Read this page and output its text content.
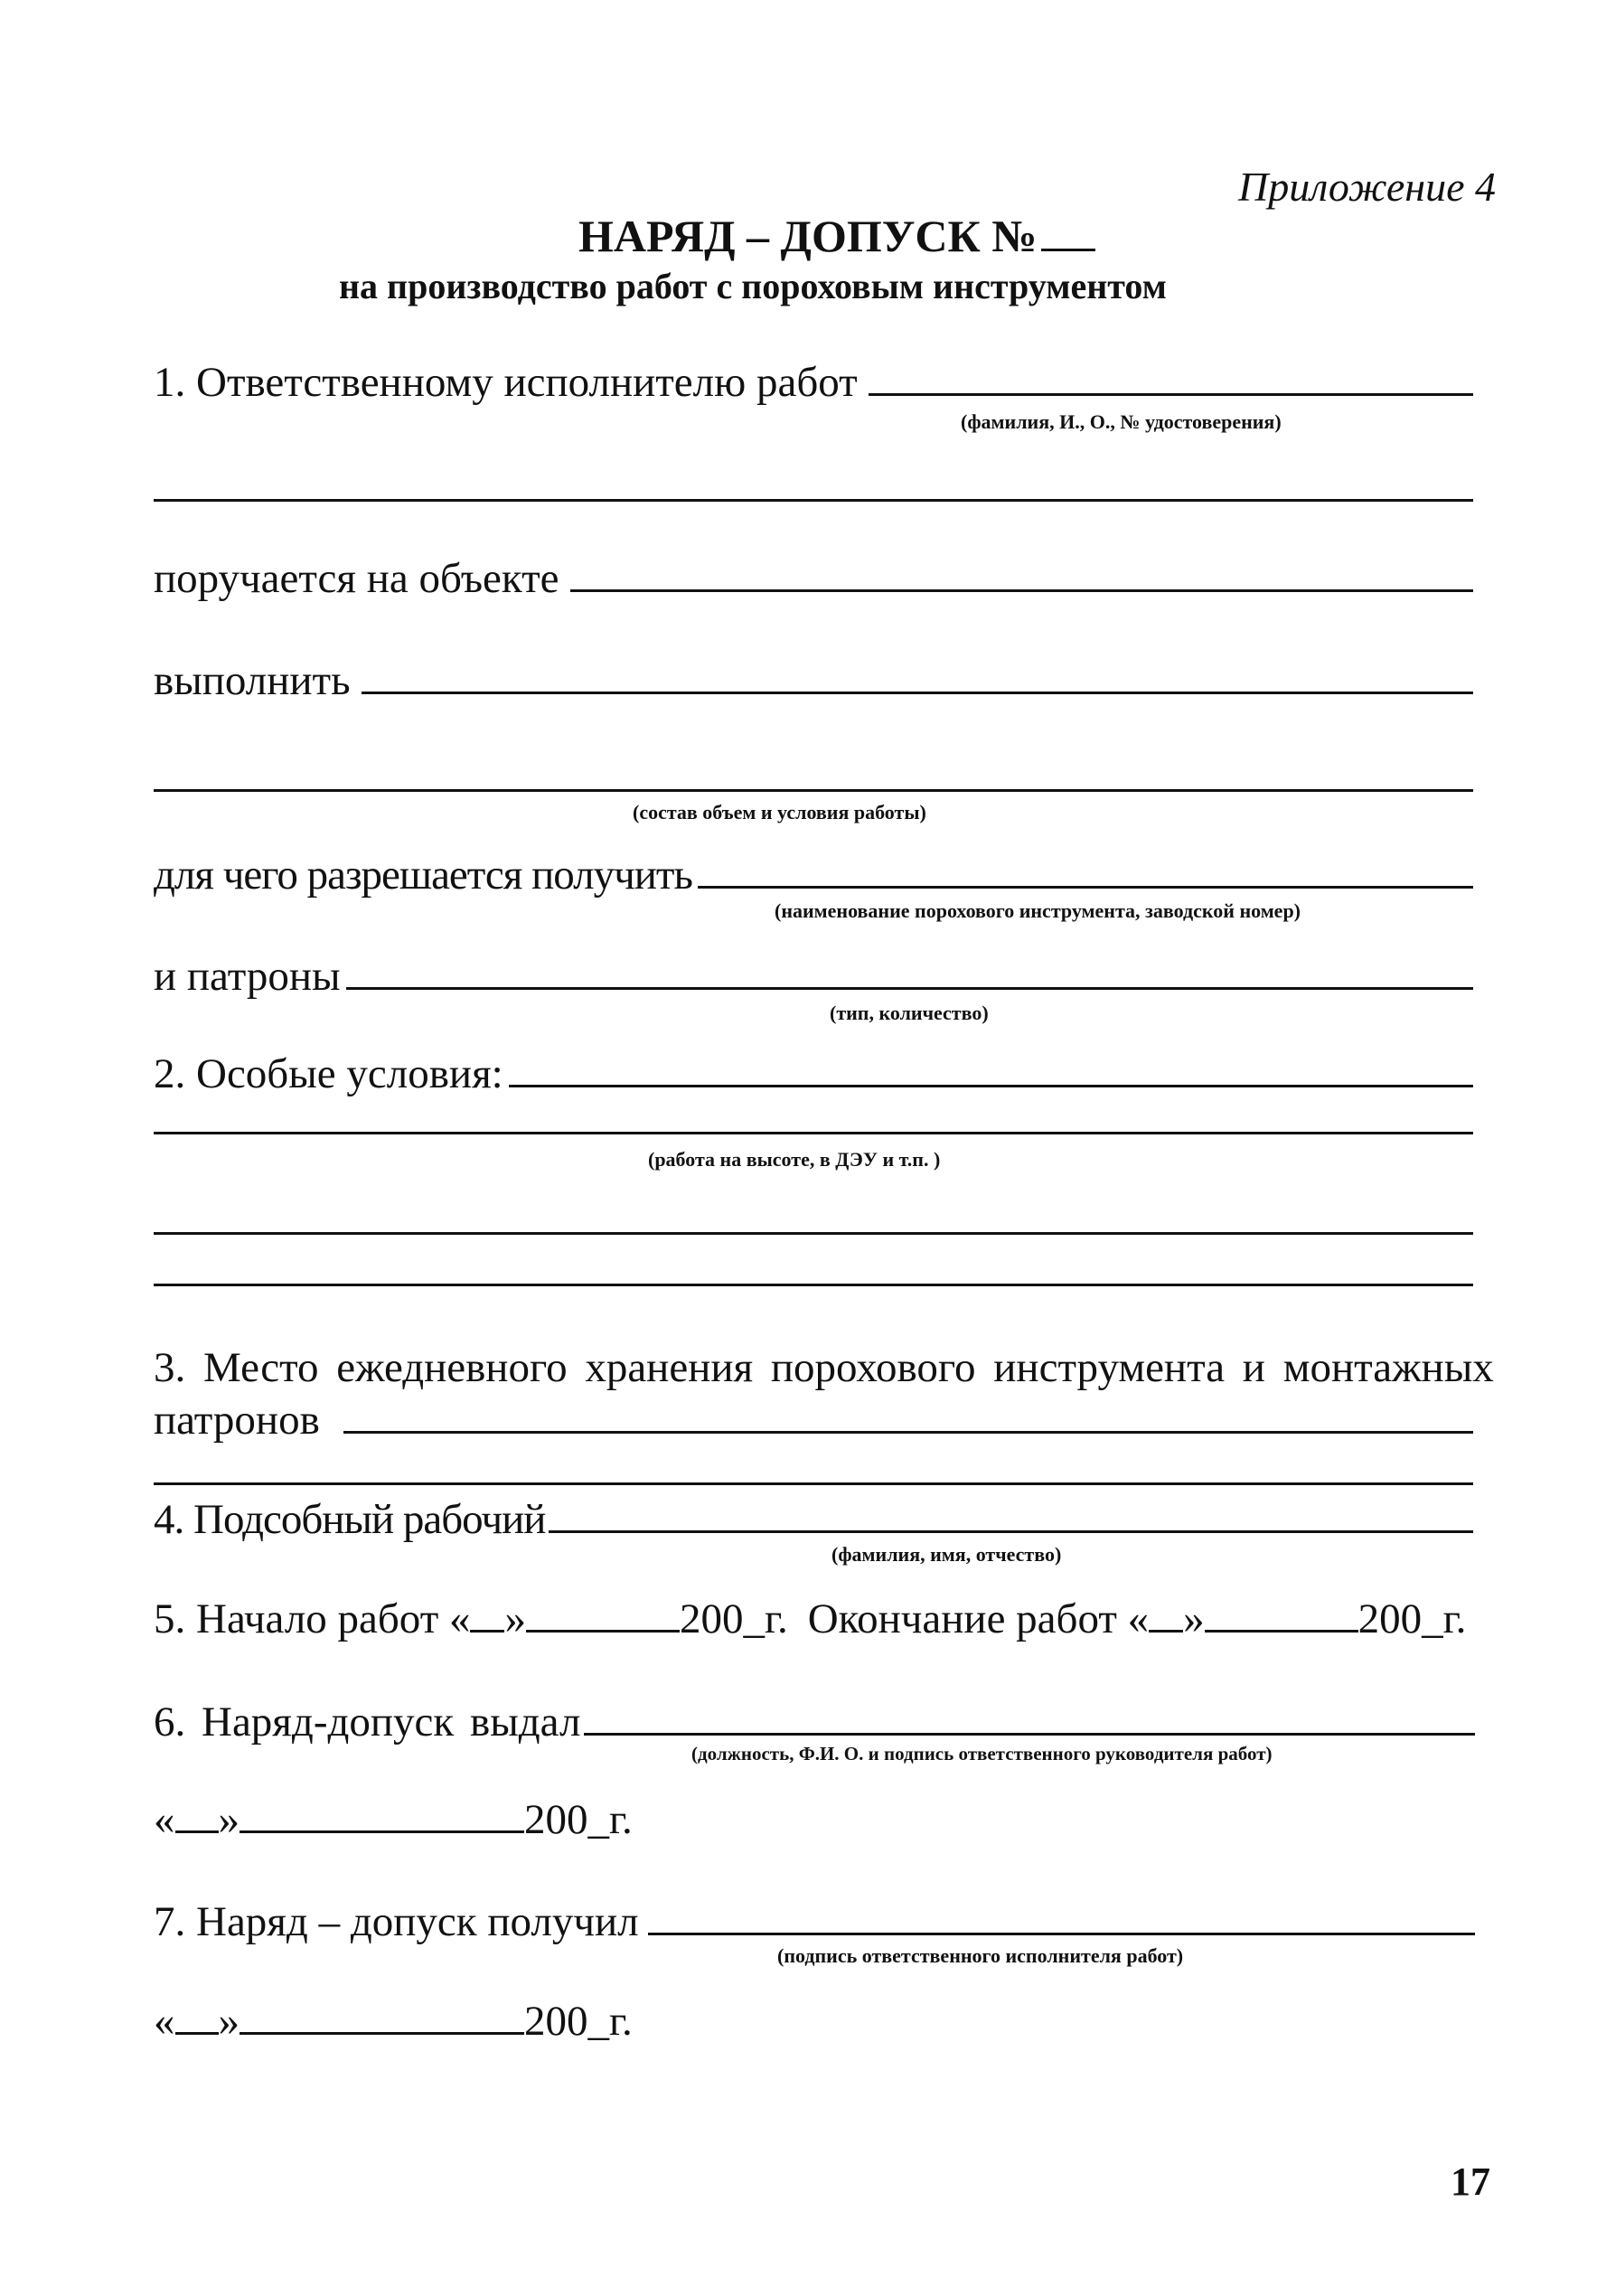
Приложение 4
НАРЯД – ДОПУСК №
на производство работ с пороховым инструментом
1. Ответственному исполнителю работ
(фамилия, И., О., № удостоверения)
поручается на объекте
выполнить
(состав объем и условия работы)
для чего разрешается получить
(наименование порохового инструмента, заводской номер)
и патроны
(тип, количество)
2. Особые условия:
(работа на высоте, в ДЭУ и т.п. )
3. Место ежедневного хранения порохового инструмента и монтажных
патронов
4. Подсобный рабочий
(фамилия, имя, отчество)
5. Начало работ « »	200_г. Окончание работ « »	200_г.
6. Наряд-допуск выдал
(должность, Ф.И. О. и подпись ответственного руководителя работ)
« »	200_г.
7. Наряд – допуск получил
(подпись ответственного исполнителя работ)
« »	200_г.
17
